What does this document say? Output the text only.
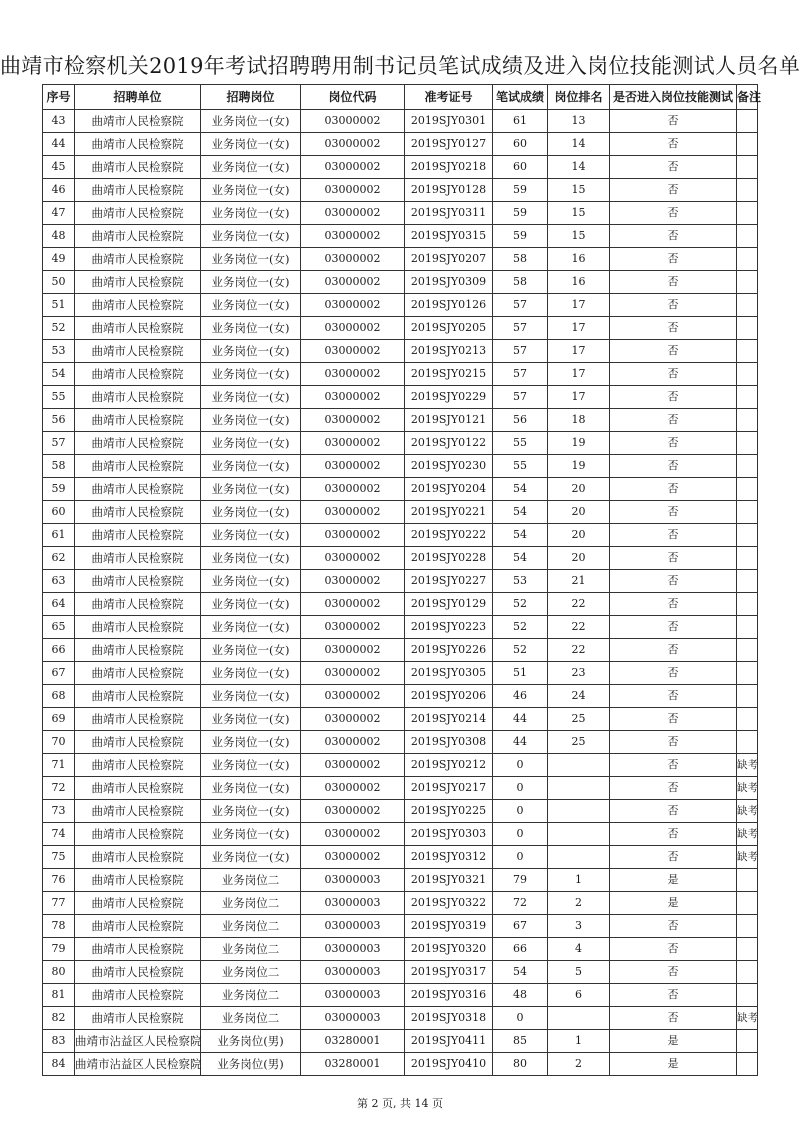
曲靖市检察机关2019年考试招聘聘用制书记员笔试成绩及进入岗位技能测试人员名单
序号	招聘单位	招聘岗位	岗位代码	准考证号	笔试成绩	岗位排名	是否进入岗位技能测试	备注
43	曲靖市人民检察院	业务岗位一(女)	03000002	2019SJY0301	61	13	否	
44	曲靖市人民检察院	业务岗位一(女)	03000002	2019SJY0127	60	14	否	
45	曲靖市人民检察院	业务岗位一(女)	03000002	2019SJY0218	60	14	否	
46	曲靖市人民检察院	业务岗位一(女)	03000002	2019SJY0128	59	15	否	
47	曲靖市人民检察院	业务岗位一(女)	03000002	2019SJY0311	59	15	否	
48	曲靖市人民检察院	业务岗位一(女)	03000002	2019SJY0315	59	15	否	
49	曲靖市人民检察院	业务岗位一(女)	03000002	2019SJY0207	58	16	否	
50	曲靖市人民检察院	业务岗位一(女)	03000002	2019SJY0309	58	16	否	
51	曲靖市人民检察院	业务岗位一(女)	03000002	2019SJY0126	57	17	否	
52	曲靖市人民检察院	业务岗位一(女)	03000002	2019SJY0205	57	17	否	
53	曲靖市人民检察院	业务岗位一(女)	03000002	2019SJY0213	57	17	否	
54	曲靖市人民检察院	业务岗位一(女)	03000002	2019SJY0215	57	17	否	
55	曲靖市人民检察院	业务岗位一(女)	03000002	2019SJY0229	57	17	否	
56	曲靖市人民检察院	业务岗位一(女)	03000002	2019SJY0121	56	18	否	
57	曲靖市人民检察院	业务岗位一(女)	03000002	2019SJY0122	55	19	否	
58	曲靖市人民检察院	业务岗位一(女)	03000002	2019SJY0230	55	19	否	
59	曲靖市人民检察院	业务岗位一(女)	03000002	2019SJY0204	54	20	否	
60	曲靖市人民检察院	业务岗位一(女)	03000002	2019SJY0221	54	20	否	
61	曲靖市人民检察院	业务岗位一(女)	03000002	2019SJY0222	54	20	否	
62	曲靖市人民检察院	业务岗位一(女)	03000002	2019SJY0228	54	20	否	
63	曲靖市人民检察院	业务岗位一(女)	03000002	2019SJY0227	53	21	否	
64	曲靖市人民检察院	业务岗位一(女)	03000002	2019SJY0129	52	22	否	
65	曲靖市人民检察院	业务岗位一(女)	03000002	2019SJY0223	52	22	否	
66	曲靖市人民检察院	业务岗位一(女)	03000002	2019SJY0226	52	22	否	
67	曲靖市人民检察院	业务岗位一(女)	03000002	2019SJY0305	51	23	否	
68	曲靖市人民检察院	业务岗位一(女)	03000002	2019SJY0206	46	24	否	
69	曲靖市人民检察院	业务岗位一(女)	03000002	2019SJY0214	44	25	否	
70	曲靖市人民检察院	业务岗位一(女)	03000002	2019SJY0308	44	25	否	
71	曲靖市人民检察院	业务岗位一(女)	03000002	2019SJY0212	0		否	缺考
72	曲靖市人民检察院	业务岗位一(女)	03000002	2019SJY0217	0		否	缺考
73	曲靖市人民检察院	业务岗位一(女)	03000002	2019SJY0225	0		否	缺考
74	曲靖市人民检察院	业务岗位一(女)	03000002	2019SJY0303	0		否	缺考
75	曲靖市人民检察院	业务岗位一(女)	03000002	2019SJY0312	0		否	缺考
76	曲靖市人民检察院	业务岗位二	03000003	2019SJY0321	79	1	是	
77	曲靖市人民检察院	业务岗位二	03000003	2019SJY0322	72	2	是	
78	曲靖市人民检察院	业务岗位二	03000003	2019SJY0319	67	3	否	
79	曲靖市人民检察院	业务岗位二	03000003	2019SJY0320	66	4	否	
80	曲靖市人民检察院	业务岗位二	03000003	2019SJY0317	54	5	否	
81	曲靖市人民检察院	业务岗位二	03000003	2019SJY0316	48	6	否	
82	曲靖市人民检察院	业务岗位二	03000003	2019SJY0318	0		否	缺考
83	曲靖市沾益区人民检察院	业务岗位(男)	03280001	2019SJY0411	85	1	是	
84	曲靖市沾益区人民检察院	业务岗位(男)	03280001	2019SJY0410	80	2	是	
第 2 页, 共 14 页
